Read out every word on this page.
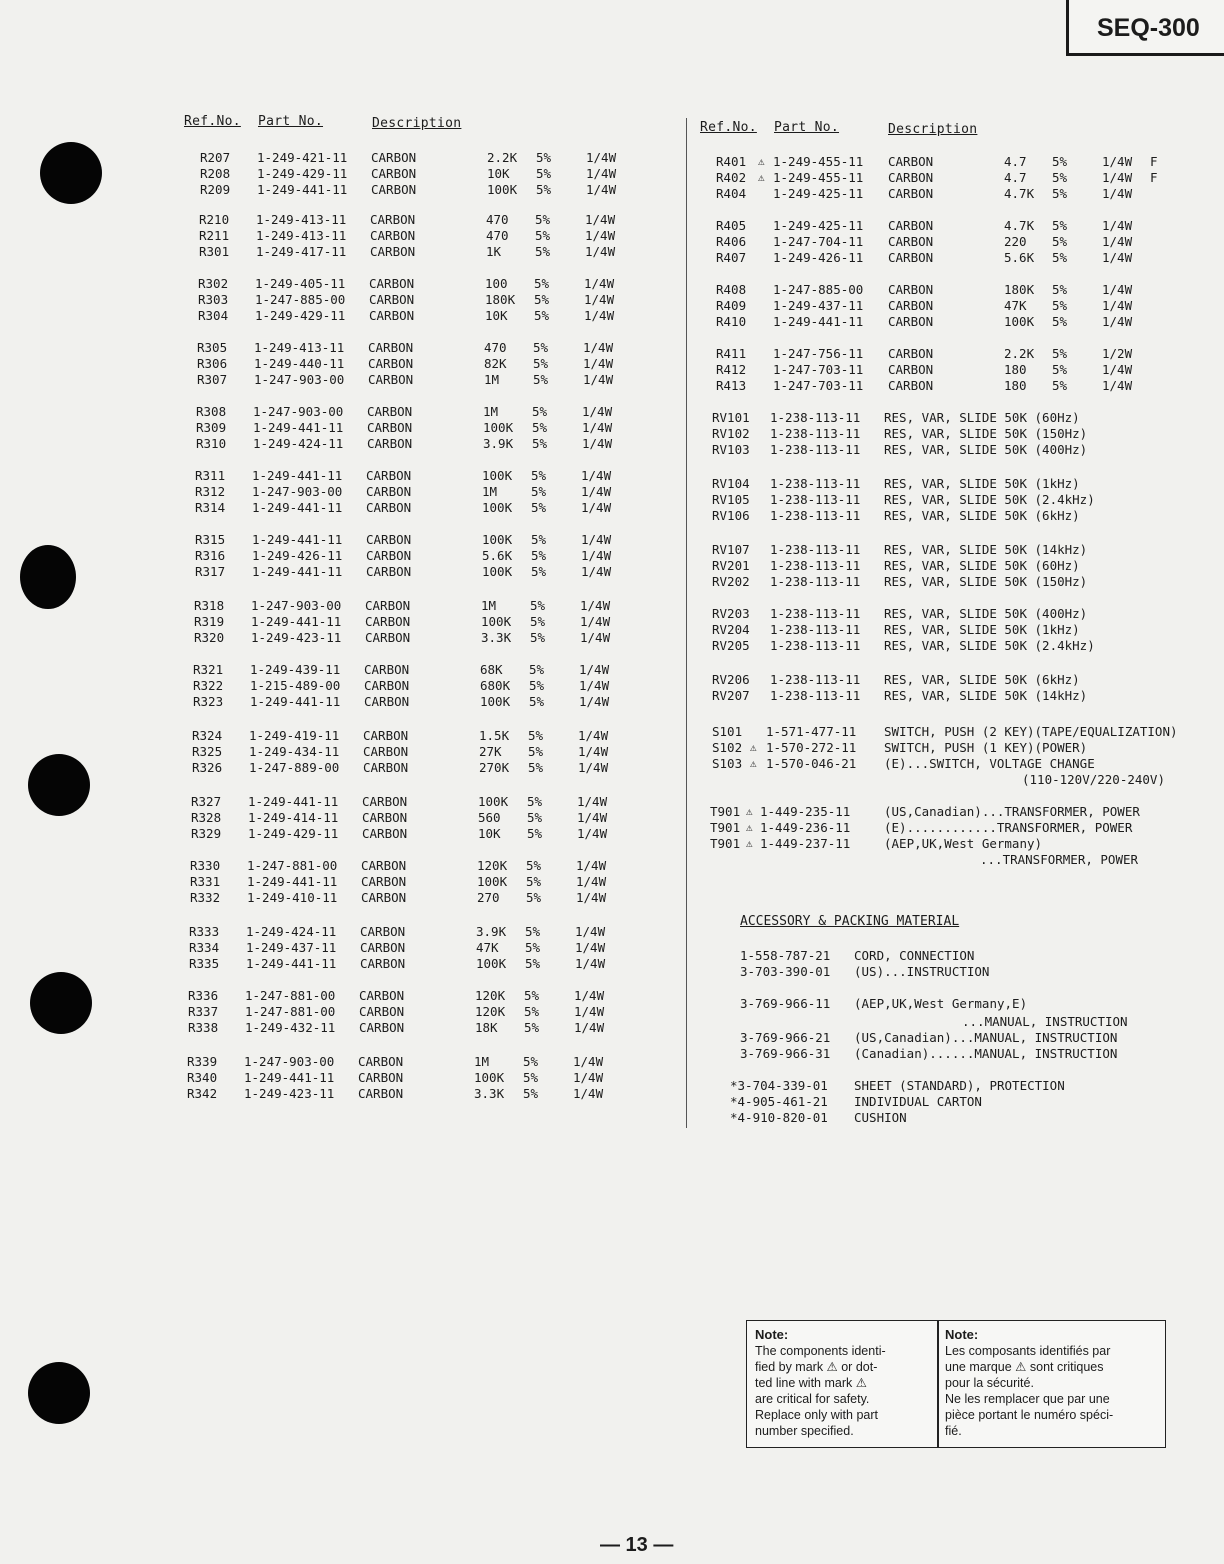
SEQ-300
Ref.No. Part No.	Description	Ref.No. Part No.	Description
R207 1-249-421-11 CARBON	2.2K 5%	1/4W
R208 1-249-429-11 CARBON	10K 5%	1/4W
R209 1-249-441-11 CARBON	100K 5%	1/4W
R210 1-249-413-11 CARBON	470 5%	1/4W
R211 1-249-413-11 CARBON	470 5%	1/4W
R301 1-249-417-11 CARBON	1K	5%	1/4W
R302 1-249-405-11 CARBON	100 5%	1/4W
R303 1-247-885-00 CARBON	180K 5%	1/4W
R304 1-249-429-11 CARBON	10K 5%	1/4W
R305 1-249-413-11 CARBON	470 5%	1/4W
R306 1-249-440-11 CARBON	82K 5%	1/4W
R307 1-247-903-00 CARBON	1M	5%	1/4W
R308 1-247-903-00 CARBON	1M	5%	1/4W
R309 1-249-441-11 CARBON	100K 5%	1/4W
R310 1-249-424-11 CARBON	3.9K 5%	1/4W
R311 1-249-441-11 CARBON	100K 5%	1/4W
R312 1-247-903-00 CARBON	1M	5%	1/4W
R314 1-249-441-11 CARBON	100K 5%	1/4W
R315 1-249-441-11 CARBON	100K 5%	1/4W
R316 1-249-426-11 CARBON	5.6K 5%	1/4W
R317 1-249-441-11 CARBON	100K 5%	1/4W
R318 1-247-903-00 CARBON	1M	5%	1/4W
R319 1-249-441-11 CARBON	100K 5%	1/4W
R320 1-249-423-11 CARBON	3.3K 5%	1/4W
R321 1-249-439-11 CARBON	68K 5%	1/4W
R322 1-215-489-00 CARBON	680K 5%	1/4W
R323 1-249-441-11 CARBON	100K 5%	1/4W
R324 1-249-419-11 CARBON	1.5K 5%	1/4W
R325 1-249-434-11 CARBON	27K 5%	1/4W
R326 1-247-889-00 CARBON	270K 5%	1/4W
R327 1-249-441-11 CARBON	100K 5%	1/4W
R328 1-249-414-11 CARBON	560 5%	1/4W
R329 1-249-429-11 CARBON	10K 5%	1/4W
R330 1-247-881-00 CARBON	120K 5%	1/4W
R331 1-249-441-11 CARBON	100K 5%	1/4W
R332 1-249-410-11 CARBON	270 5%	1/4W
R333 1-249-424-11 CARBON	3.9K 5%	1/4W
R334 1-249-437-11 CARBON	47K 5%	1/4W
R335 1-249-441-11 CARBON	100K 5%	1/4W
R336 1-247-881-00 CARBON	120K 5%	1/4W
R337 1-247-881-00 CARBON	120K 5%	1/4W
R338 1-249-432-11 CARBON	18K 5%	1/4W
R339 1-247-903-00 CARBON	1M	5%	1/4W
R340 1-249-441-11 CARBON	100K 5%	1/4W
R342 1-249-423-11 CARBON	3.3K 5%	1/4W
R401 ⚠ 1-249-455-11 CARBON	4.7 5%	1/4W F
R402 ⚠ 1-249-455-11 CARBON	4.7 5%	1/4W F
R404 1-249-425-11 CARBON	4.7K 5%	1/4W
R405 1-249-425-11 CARBON	4.7K 5%	1/4W
R406 1-247-704-11 CARBON	220 5%	1/4W
R407 1-249-426-11 CARBON	5.6K 5%	1/4W
R408 1-247-885-00 CARBON	180K 5%	1/4W
R409 1-249-437-11 CARBON	47K 5%	1/4W
R410 1-249-441-11 CARBON	100K 5%	1/4W
R411 1-247-756-11 CARBON	2.2K 5%	1/2W
R412 1-247-703-11 CARBON	180 5%	1/4W
R413 1-247-703-11 CARBON	180 5%	1/4W
RV101 1-238-113-11 RES, VAR, SLIDE 50K (60Hz)
RV102 1-238-113-11 RES, VAR, SLIDE 50K (150Hz)
RV103 1-238-113-11 RES, VAR, SLIDE 50K (400Hz)
RV104 1-238-113-11 RES, VAR, SLIDE 50K (1kHz)
RV105 1-238-113-11 RES, VAR, SLIDE 50K (2.4kHz)
RV106 1-238-113-11 RES, VAR, SLIDE 50K (6kHz)
RV107 1-238-113-11 RES, VAR, SLIDE 50K (14kHz)
RV201 1-238-113-11 RES, VAR, SLIDE 50K (60Hz)
RV202 1-238-113-11 RES, VAR, SLIDE 50K (150Hz)
RV203 1-238-113-11 RES, VAR, SLIDE 50K (400Hz)
RV204 1-238-113-11 RES, VAR, SLIDE 50K (1kHz)
RV205 1-238-113-11 RES, VAR, SLIDE 50K (2.4kHz)
RV206 1-238-113-11 RES, VAR, SLIDE 50K (6kHz)
RV207 1-238-113-11 RES, VAR, SLIDE 50K (14kHz)
S101 1-571-477-11 SWITCH, PUSH (2 KEY)(TAPE/EQUALIZATION)
S102 ⚠ 1-570-272-11 SWITCH, PUSH (1 KEY)(POWER)
S103 ⚠ 1-570-046-21 (E)...SWITCH, VOLTAGE CHANGE
(110-120V/220-240V)
T901 ⚠ 1-449-235-11	(US,Canadian)...TRANSFORMER, POWER
T901 ⚠ 1-449-236-11	(E)............TRANSFORMER, POWER
T901 ⚠ 1-449-237-11	(AEP,UK,West Germany)
...TRANSFORMER, POWER
ACCESSORY & PACKING MATERIAL
1-558-787-21 CORD, CONNECTION
3-703-390-01 (US)...INSTRUCTION
3-769-966-11 (AEP,UK,West Germany,E)
...MANUAL, INSTRUCTION
3-769-966-21 (US,Canadian)...MANUAL, INSTRUCTION
3-769-966-31 (Canadian)......MANUAL, INSTRUCTION
*3-704-339-01 SHEET (STANDARD), PROTECTION
*4-905-461-21 INDIVIDUAL CARTON
*4-910-820-01 CUSHION
Note:
The components identi-
fied by mark ⚠ or dot-
ted line with mark ⚠
are critical for safety.
Replace only with part
number specified.
Note:
Les composants identifiés par
une marque ⚠ sont critiques
pour la sécurité.
Ne les remplacer que par une
pièce portant le numéro spéci-
fié.
— 13 —
